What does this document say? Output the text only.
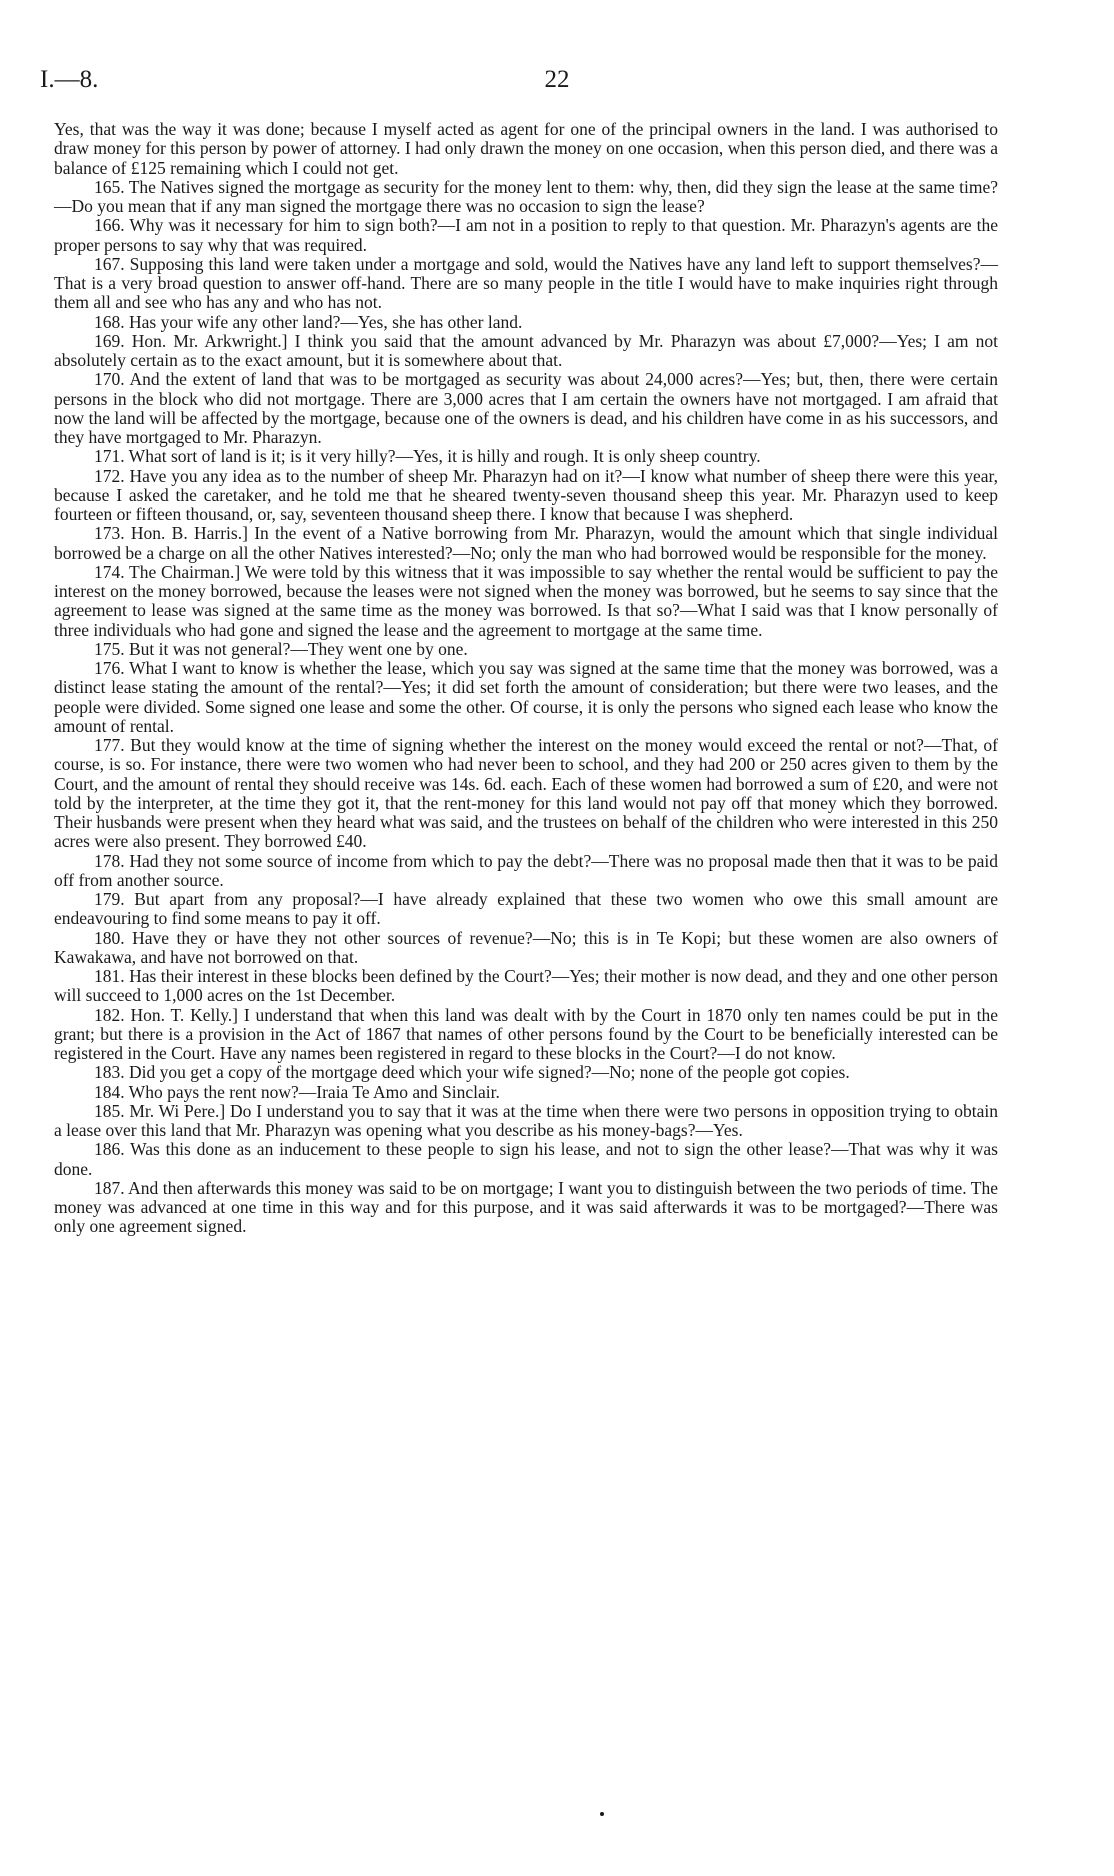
I.—8.	22

Yes, that was the way it was done; because I myself acted as agent for one of the principal owners in the land. I was authorised to draw money for this person by power of attorney. I had only drawn the money on one occasion, when this person died, and there was a balance of £125 remaining which I could not get.

165. The Natives signed the mortgage as security for the money lent to them: why, then, did they sign the lease at the same time?—Do you mean that if any man signed the mortgage there was no occasion to sign the lease?

166. Why was it necessary for him to sign both?—I am not in a position to reply to that question. Mr. Pharazyn's agents are the proper persons to say why that was required.

167. Supposing this land were taken under a mortgage and sold, would the Natives have any land left to support themselves?—That is a very broad question to answer off-hand. There are so many people in the title I would have to make inquiries right through them all and see who has any and who has not.

168. Has your wife any other land?—Yes, she has other land.

169. Hon. Mr. Arkwright.] I think you said that the amount advanced by Mr. Pharazyn was about £7,000?—Yes; I am not absolutely certain as to the exact amount, but it is somewhere about that.

170. And the extent of land that was to be mortgaged as security was about 24,000 acres?—Yes; but, then, there were certain persons in the block who did not mortgage. There are 3,000 acres that I am certain the owners have not mortgaged. I am afraid that now the land will be affected by the mortgage, because one of the owners is dead, and his children have come in as his successors, and they have mortgaged to Mr. Pharazyn.

171. What sort of land is it; is it very hilly?—Yes, it is hilly and rough. It is only sheep country.

172. Have you any idea as to the number of sheep Mr. Pharazyn had on it?—I know what number of sheep there were this year, because I asked the caretaker, and he told me that he sheared twenty-seven thousand sheep this year. Mr. Pharazyn used to keep fourteen or fifteen thousand, or, say, seventeen thousand sheep there. I know that because I was shepherd.

173. Hon. B. Harris.] In the event of a Native borrowing from Mr. Pharazyn, would the amount which that single individual borrowed be a charge on all the other Natives interested?—No; only the man who had borrowed would be responsible for the money.

174. The Chairman.] We were told by this witness that it was impossible to say whether the rental would be sufficient to pay the interest on the money borrowed, because the leases were not signed when the money was borrowed, but he seems to say since that the agreement to lease was signed at the same time as the money was borrowed. Is that so?—What I said was that I know personally of three individuals who had gone and signed the lease and the agreement to mortgage at the same time.

175. But it was not general?—They went one by one.

176. What I want to know is whether the lease, which you say was signed at the same time that the money was borrowed, was a distinct lease stating the amount of the rental?—Yes; it did set forth the amount of consideration; but there were two leases, and the people were divided. Some signed one lease and some the other. Of course, it is only the persons who signed each lease who know the amount of rental.

177. But they would know at the time of signing whether the interest on the money would exceed the rental or not?—That, of course, is so. For instance, there were two women who had never been to school, and they had 200 or 250 acres given to them by the Court, and the amount of rental they should receive was 14s. 6d. each. Each of these women had borrowed a sum of £20, and were not told by the interpreter, at the time they got it, that the rent-money for this land would not pay off that money which they borrowed. Their husbands were present when they heard what was said, and the trustees on behalf of the children who were interested in this 250 acres were also present. They borrowed £40.

178. Had they not some source of income from which to pay the debt?—There was no proposal made then that it was to be paid off from another source.

179. But apart from any proposal?—I have already explained that these two women who owe this small amount are endeavouring to find some means to pay it off.

180. Have they or have they not other sources of revenue?—No; this is in Te Kopi; but these women are also owners of Kawakawa, and have not borrowed on that.

181. Has their interest in these blocks been defined by the Court?—Yes; their mother is now dead, and they and one other person will succeed to 1,000 acres on the 1st December.

182. Hon. T. Kelly.] I understand that when this land was dealt with by the Court in 1870 only ten names could be put in the grant; but there is a provision in the Act of 1867 that names of other persons found by the Court to be beneficially interested can be registered in the Court. Have any names been registered in regard to these blocks in the Court?—I do not know.

183. Did you get a copy of the mortgage deed which your wife signed?—No; none of the people got copies.

184. Who pays the rent now?—Iraia Te Amo and Sinclair.

185. Mr. Wi Pere.] Do I understand you to say that it was at the time when there were two persons in opposition trying to obtain a lease over this land that Mr. Pharazyn was opening what you describe as his money-bags?—Yes.

186. Was this done as an inducement to these people to sign his lease, and not to sign the other lease?—That was why it was done.

187. And then afterwards this money was said to be on mortgage; I want you to distinguish between the two periods of time. The money was advanced at one time in this way and for this purpose, and it was said afterwards it was to be mortgaged?—There was only one agreement signed.
